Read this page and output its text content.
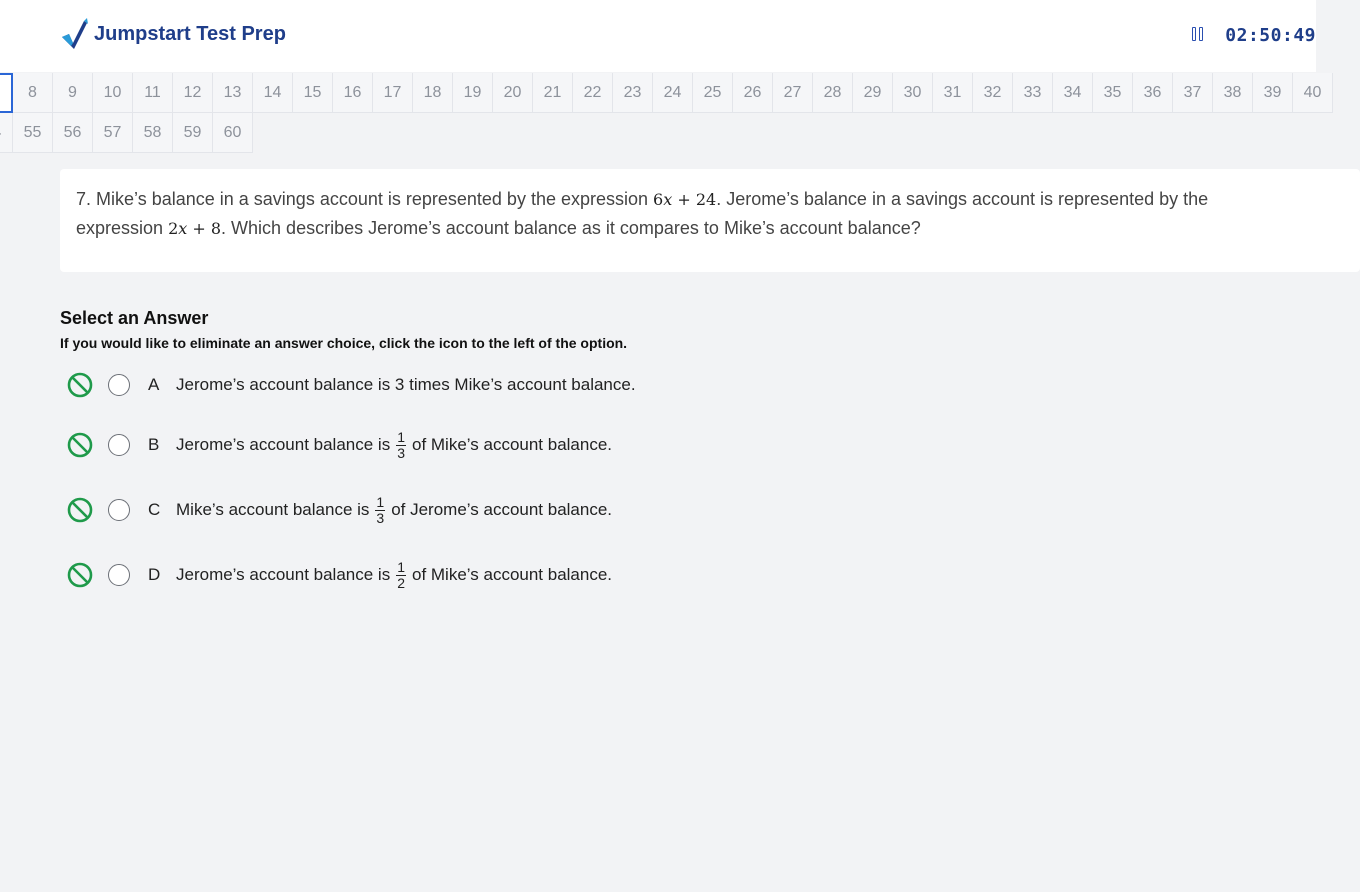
Jumpstart Test Prep	02:50:49
8	9	10	11	12	13	14	15	16	17	18	19	20	21	22	23	24	25	26	27	28	29	30	31	32	33	34	35	36	37	38	39	40
55	56	57	58	59	60
7. Mike’s balance in a savings account is represented by the expression 6x + 24. Jerome’s balance in a savings account is represented by the expression 2x + 8. Which describes Jerome’s account balance as it compares to Mike’s account balance?
Select an Answer
If you would like to eliminate an answer choice, click the icon to the left of the option.
A Jerome’s account balance is 3 times Mike’s account balance.
B Jerome’s account balance is $\frac{1}{3}$ of Mike’s account balance.
C Mike’s account balance is $\frac{1}{3}$ of Jerome’s account balance.
D Jerome’s account balance is $\frac{1}{2}$ of Mike’s account balance.
